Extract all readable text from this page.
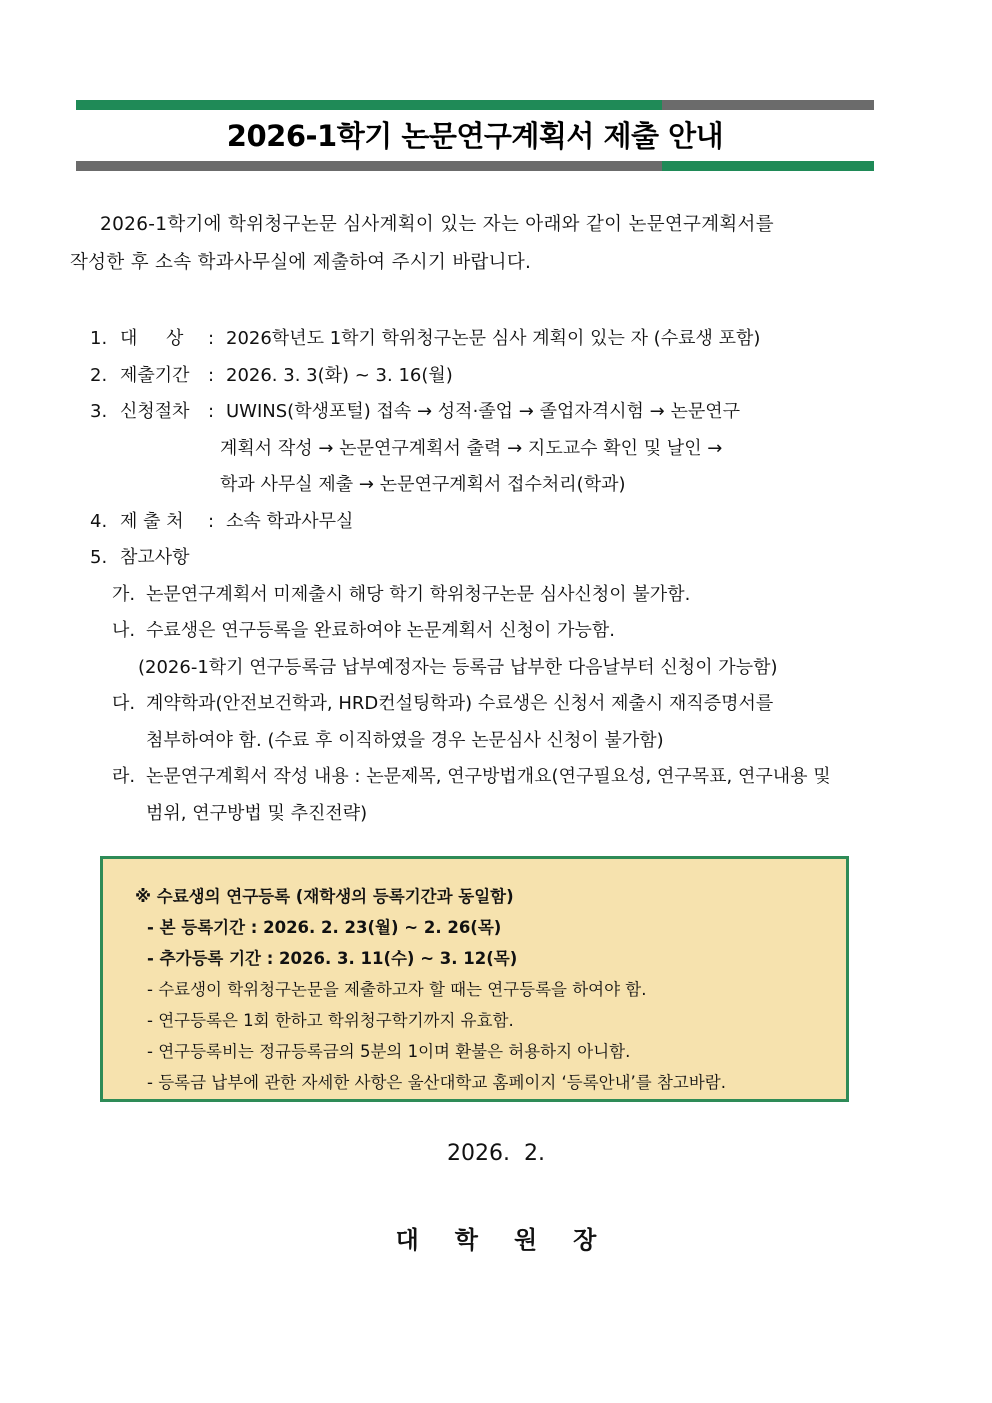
2026-1학기 논문연구계획서 제출 안내
2026-1학기에 학위청구논문 심사계획이 있는 자는 아래와 같이 논문연구계획서를
작성한 후 소속 학과사무실에 제출하여 주시기 바랍니다.
1. 대     상	: 2026학년도 1학기 학위청구논문 심사 계획이 있는 자 (수료생 포함)
2. 제출기간	: 2026. 3. 3(화) ~ 3. 16(월)
3. 신청절차	: UWINS(학생포털) 접속 → 성적·졸업 → 졸업자격시험 → 논문연구
계획서 작성 → 논문연구계획서 출력 → 지도교수 확인 및 날인 →
학과 사무실 제출 → 논문연구계획서 접수처리(학과)
4. 제 출 처	: 소속 학과사무실
5. 참고사항
가. 논문연구계획서 미제출시 해당 학기 학위청구논문 심사신청이 불가함.
나. 수료생은 연구등록을 완료하여야 논문계획서 신청이 가능함.
(2026-1학기 연구등록금 납부예정자는 등록금 납부한 다음날부터 신청이 가능함)
다. 계약학과(안전보건학과, HRD컨설팅학과) 수료생은 신청서 제출시 재직증명서를
첨부하여야 함. (수료 후 이직하였을 경우 논문심사 신청이 불가함)
라. 논문연구계획서 작성 내용 : 논문제목, 연구방법개요(연구필요성, 연구목표, 연구내용 및
범위, 연구방법 및 추진전략)
※ 수료생의 연구등록 (재학생의 등록기간과 동일함)
- 본 등록기간 : 2026. 2. 23(월) ~ 2. 26(목)
- 추가등록 기간 : 2026. 3. 11(수) ~ 3. 12(목)
- 수료생이 학위청구논문을 제출하고자 할 때는 연구등록을 하여야 함.
- 연구등록은 1회 한하고 학위청구학기까지 유효함.
- 연구등록비는 정규등록금의 5분의 1이며 환불은 허용하지 아니함.
- 등록금 납부에 관한 자세한 사항은 울산대학교 홈페이지 ‘등록안내’를 참고바람.
2026.  2.
대학원장
